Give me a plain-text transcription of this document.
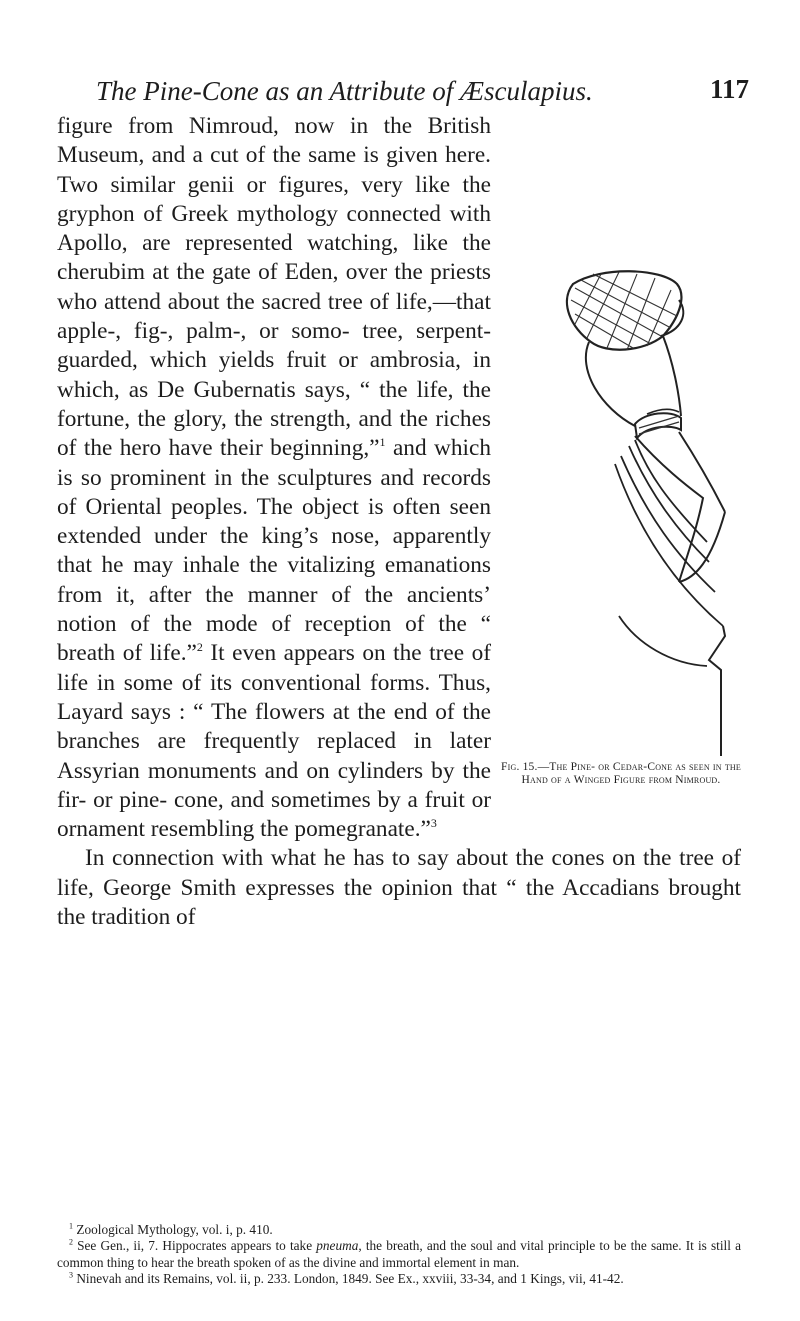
The Pine-Cone as an Attribute of Æsculapius.	117
Fig. 15.—The Pine- or Cedar-Cone as seen in the Hand of a Winged Figure from Nimroud.

figure from Nimroud, now in the British Museum, and a cut of the same is given here. Two similar genii or figures, very like the gryphon of Greek mythology connected with Apollo, are represented watching, like the cherubim at the gate of Eden, over the priests who attend about the sacred tree of life,—that apple-, fig-, palm-, or somo- tree, serpent-guarded, which yields fruit or ambrosia, in which, as De Gubernatis says, “ the life, the fortune, the glory, the strength, and the riches of the hero have their beginning,”$^1$ and which is so prominent in the sculptures and records of Oriental peoples. The object is often seen extended under the king’s nose, apparently that he may inhale the vitalizing emanations from it, after the manner of the ancients’ notion of the mode of reception of the “ breath of life.”$^2$ It even appears on the tree of life in some of its conventional forms. Thus, Layard says : “ The flowers at the end of the branches are frequently replaced in later Assyrian monuments and on cylinders by the fir- or pine- cone, and sometimes by a fruit or ornament resembling the pomegranate.”$^3$

In connection with what he has to say about the cones on the tree of life, George Smith expresses the opinion that “ the Accadians brought the tradition of

$^1$ Zoological Mythology, vol. i, p. 410.

$^2$ See Gen., ii, 7. Hippocrates appears to take pneuma, the breath, and the soul and vital principle to be the same. It is still a common thing to hear the breath spoken of as the divine and immortal element in man.

$^3$ Ninevah and its Remains, vol. ii, p. 233. London, 1849. See Ex., xxviii, 33-34, and 1 Kings, vii, 41-42.
